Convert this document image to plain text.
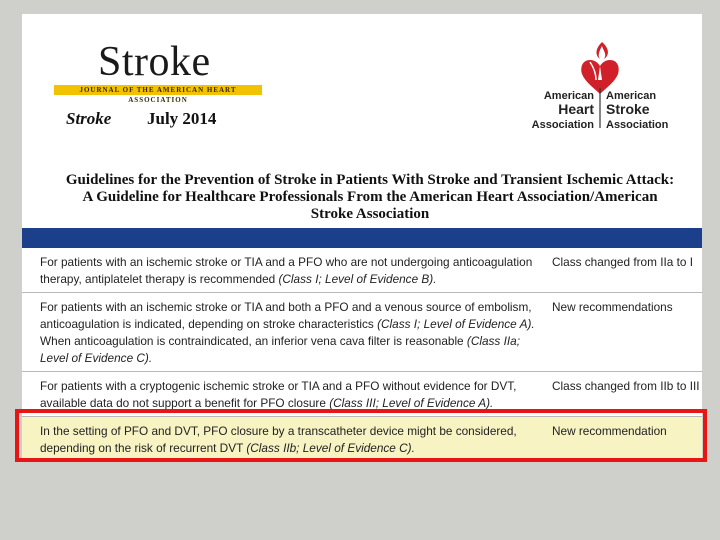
Stroke
JOURNAL OF THE AMERICAN HEART ASSOCIATION
Stroke July 2014
American
Heart
Association
American
Stroke
Association
Guidelines for the Prevention of Stroke in Patients With Stroke and Transient Ischemic Attack: A Guideline for Healthcare Professionals From the American Heart Association/American Stroke Association
For patients with an ischemic stroke or TIA and a PFO who are not undergoing anticoagulation therapy, antiplatelet therapy is recommended (Class I; Level of Evidence B).
Class changed from IIa to I
For patients with an ischemic stroke or TIA and both a PFO and a venous source of embolism, anticoagulation is indicated, depending on stroke characteristics (Class I; Level of Evidence A). When anticoagulation is contraindicated, an inferior vena cava filter is reasonable (Class IIa; Level of Evidence C).
New recommendations
For patients with a cryptogenic ischemic stroke or TIA and a PFO without evidence for DVT, available data do not support a benefit for PFO closure (Class III; Level of Evidence A).
Class changed from IIb to III
In the setting of PFO and DVT, PFO closure by a transcatheter device might be considered, depending on the risk of recurrent DVT (Class IIb; Level of Evidence C).
New recommendation
